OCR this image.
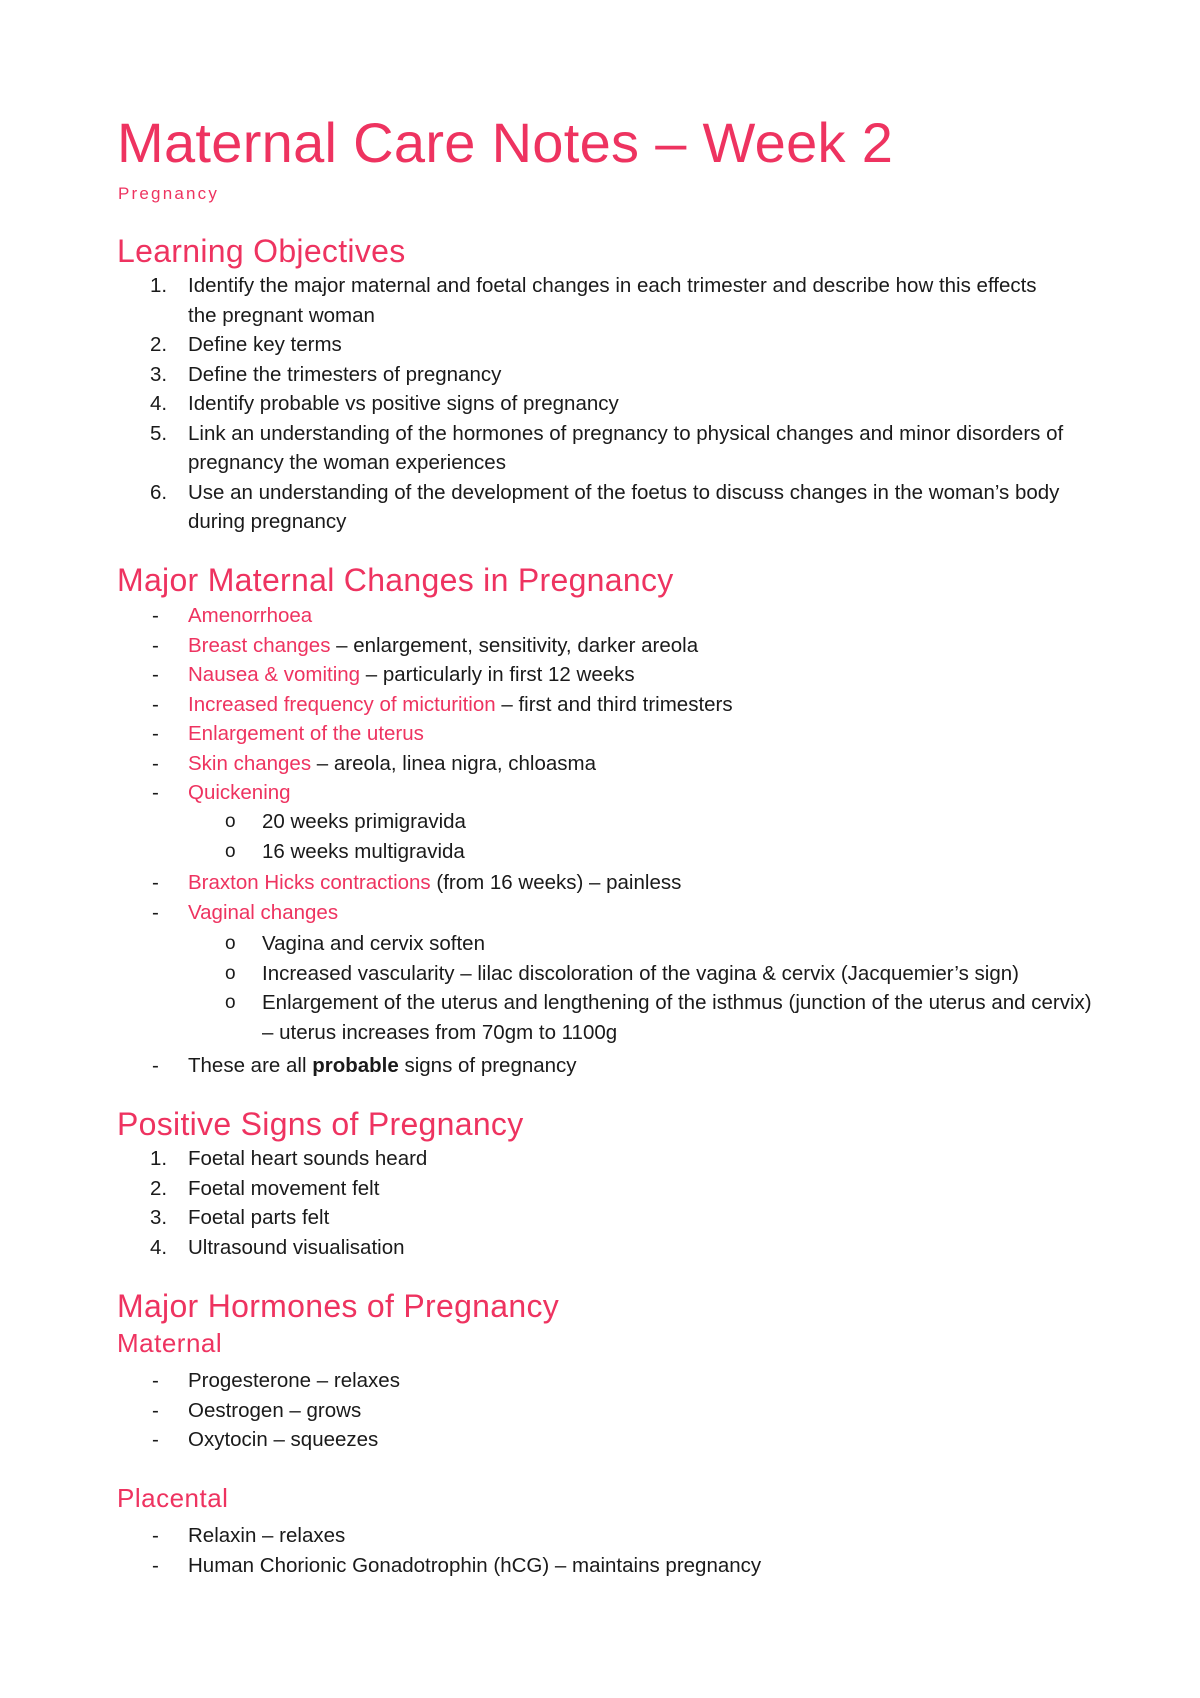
Maternal Care Notes – Week 2
Pregnancy
Learning Objectives
1.	Identify the major maternal and foetal changes in each trimester and describe how this effects the pregnant woman
2.	Define key terms
3.	Define the trimesters of pregnancy
4.	Identify probable vs positive signs of pregnancy
5.	Link an understanding of the hormones of pregnancy to physical changes and minor disorders of pregnancy the woman experiences
6.	Use an understanding of the development of the foetus to discuss changes in the woman’s body during pregnancy
Major Maternal Changes in Pregnancy
-	Amenorrhoea
-	Breast changes – enlargement, sensitivity, darker areola
-	Nausea & vomiting – particularly in first 12 weeks
-	Increased frequency of micturition – first and third trimesters
-	Enlargement of the uterus
-	Skin changes – areola, linea nigra, chloasma
-	Quickening
o	20 weeks primigravida
o	16 weeks multigravida
-	Braxton Hicks contractions (from 16 weeks) – painless
-	Vaginal changes
o	Vagina and cervix soften
o	Increased vascularity – lilac discoloration of the vagina & cervix (Jacquemier’s sign)
o	Enlargement of the uterus and lengthening of the isthmus (junction of the uterus and cervix) – uterus increases from 70gm to 1100g
-	These are all probable signs of pregnancy
Positive Signs of Pregnancy
1.	Foetal heart sounds heard
2.	Foetal movement felt
3.	Foetal parts felt
4.	Ultrasound visualisation
Major Hormones of Pregnancy
Maternal
-	Progesterone – relaxes
-	Oestrogen – grows
-	Oxytocin – squeezes
Placental
-	Relaxin – relaxes
-	Human Chorionic Gonadotrophin (hCG) – maintains pregnancy
